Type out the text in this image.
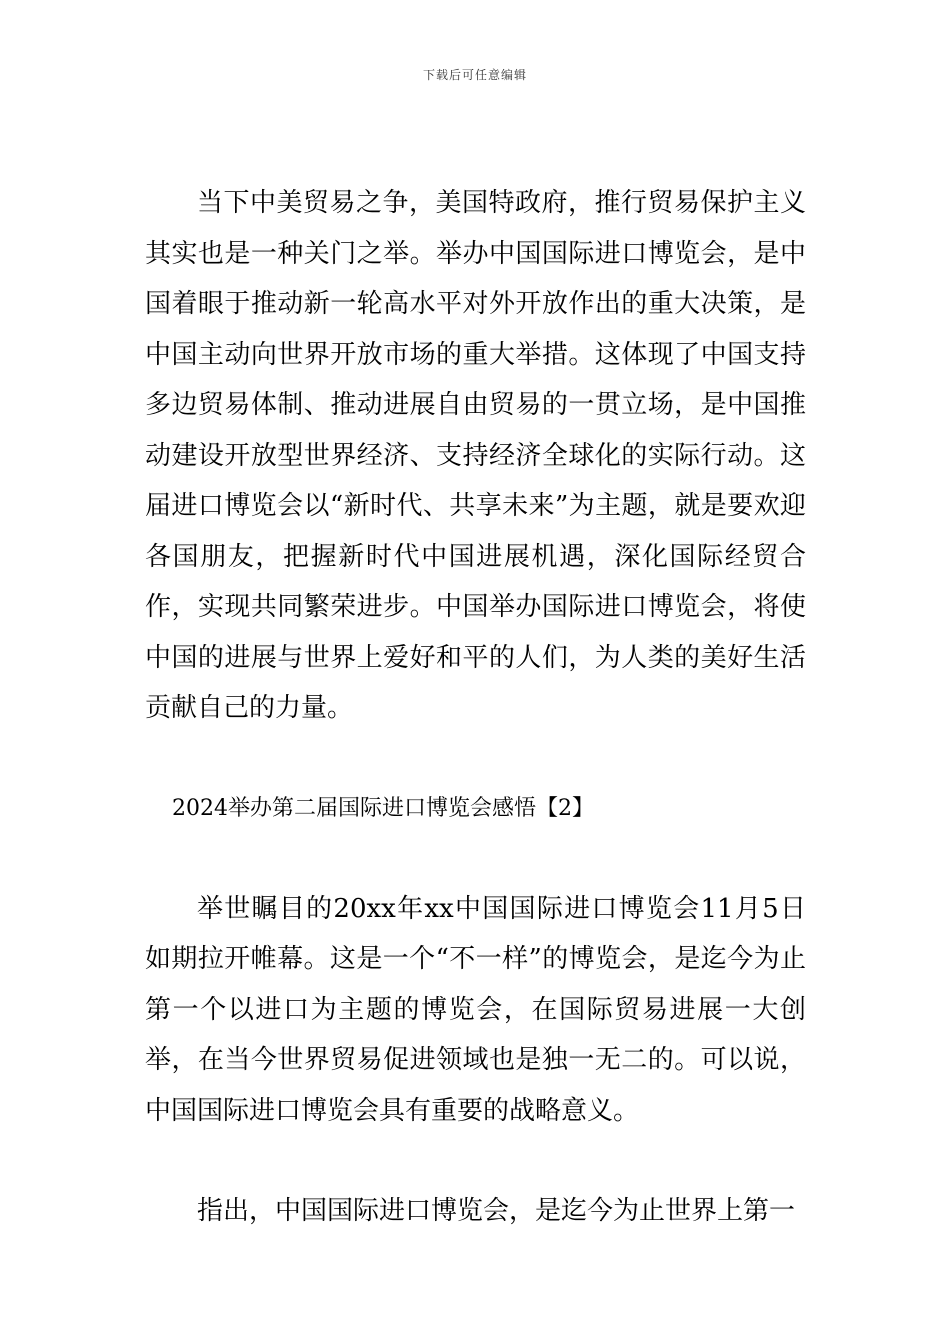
下载后可任意编辑

当下中美贸易之争，美国特政府，推行贸易保护主义其实也是一种关门之举。举办中国国际进口博览会，是中国着眼于推动新一轮高水平对外开放作出的重大决策，是中国主动向世界开放市场的重大举措。这体现了中国支持多边贸易体制、推动进展自由贸易的一贯立场，是中国推动建设开放型世界经济、支持经济全球化的实际行动。这届进口博览会以“新时代、共享未来”为主题，就是要欢迎各国朋友，把握新时代中国进展机遇，深化国际经贸合作，实现共同繁荣进步。中国举办国际进口博览会，将使中国的进展与世界上爱好和平的人们，为人类的美好生活贡献自己的力量。

2024举办第二届国际进口博览会感悟【2】

举世瞩目的20xx年xx中国国际进口博览会11月5日如期拉开帷幕。这是一个“不一样”的博览会，是迄今为止第一个以进口为主题的博览会，在国际贸易进展一大创举，在当今世界贸易促进领域也是独一无二的。可以说，中国国际进口博览会具有重要的战略意义。

指出，中国国际进口博览会，是迄今为止世界上第一
